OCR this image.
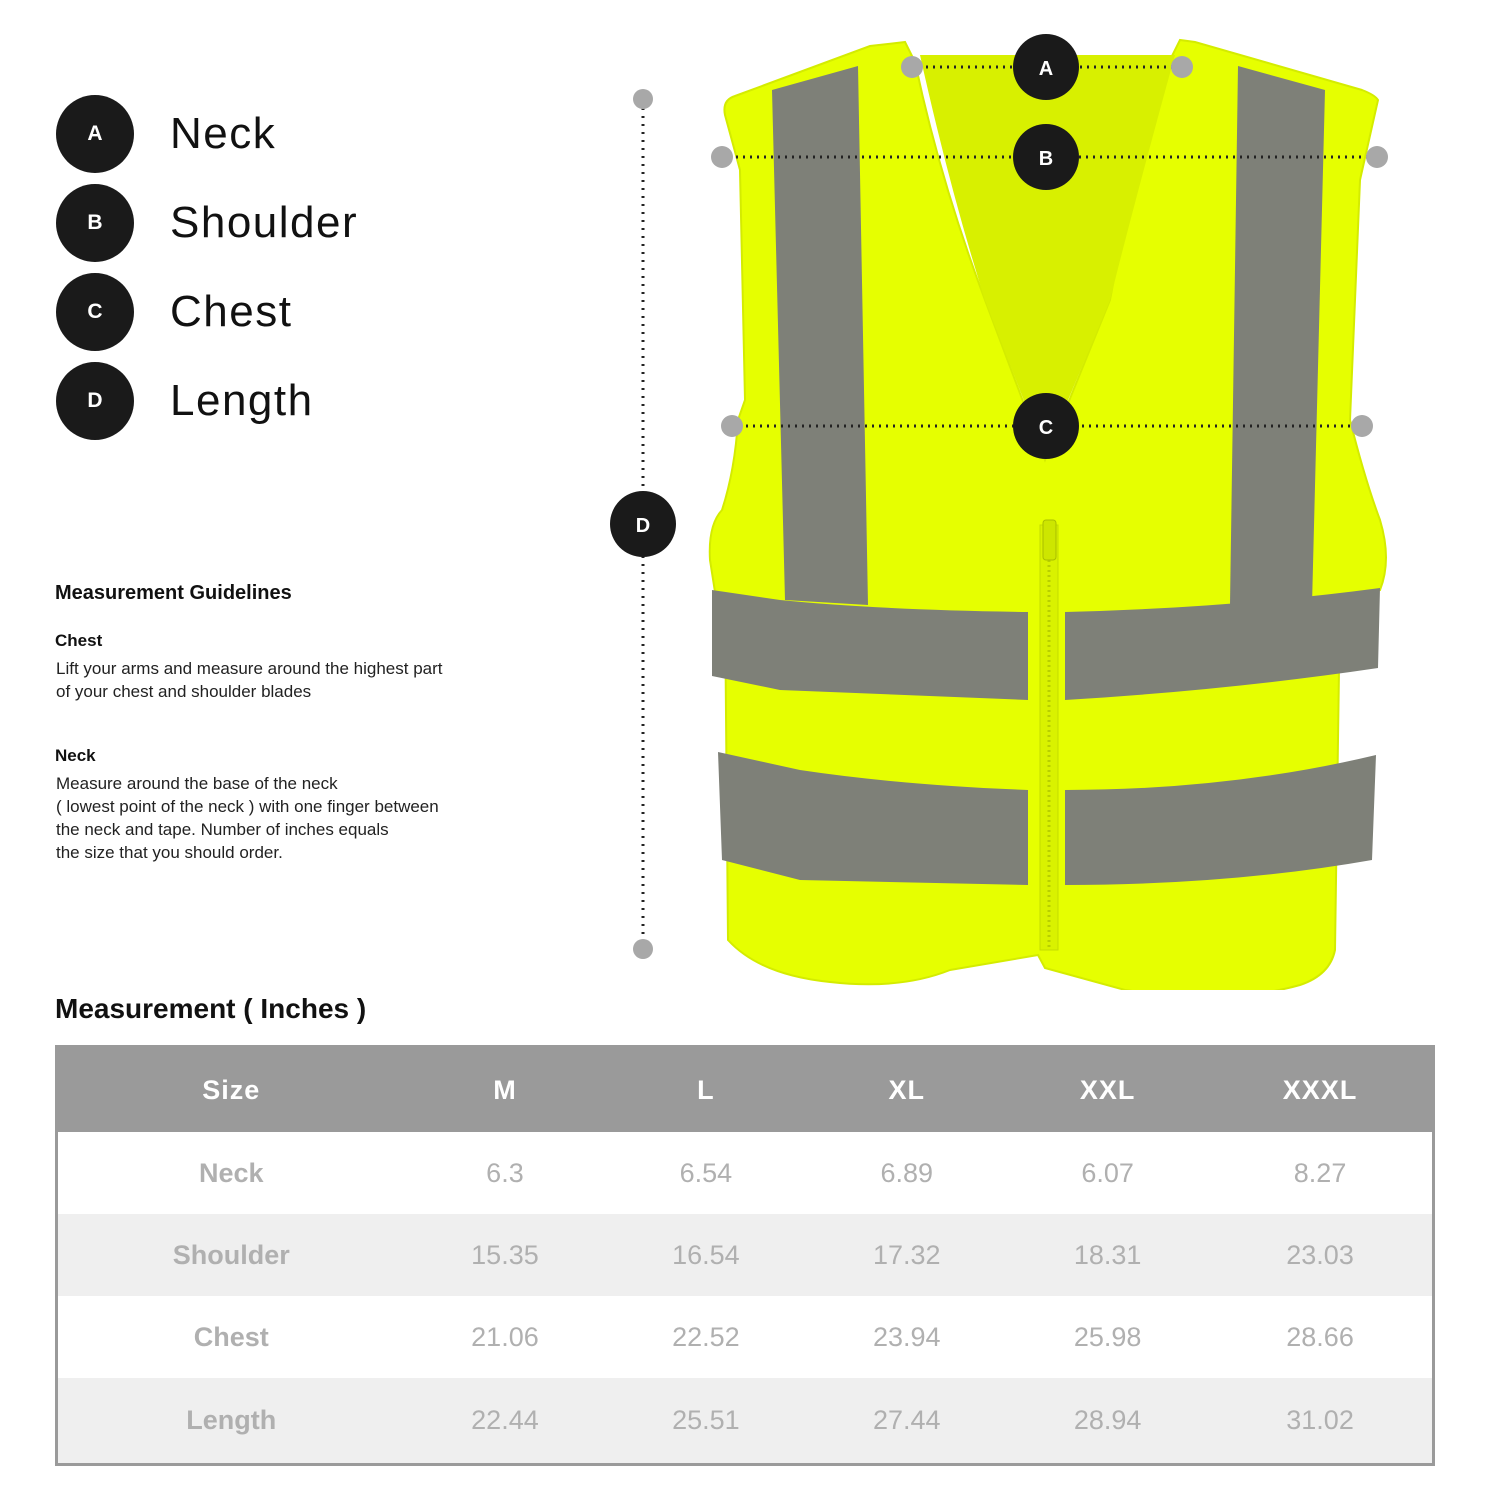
A	Neck
B	Shoulder
C	Chest
D	Length
Measurement Guidelines
Chest
Lift your arms and measure around the highest part
of your chest and shoulder blades
Neck
Measure around the base of the neck
( lowest point of the neck ) with one finger between
the neck and tape. Number of inches equals
the size that you should order.
A
B
C
D
Measurement ( Inches )
Size	M	L	XL	XXL	XXXL
Neck	6.3	6.54	6.89	6.07	8.27
Shoulder	15.35	16.54	17.32	18.31	23.03
Chest	21.06	22.52	23.94	25.98	28.66
Length	22.44	25.51	27.44	28.94	31.02
